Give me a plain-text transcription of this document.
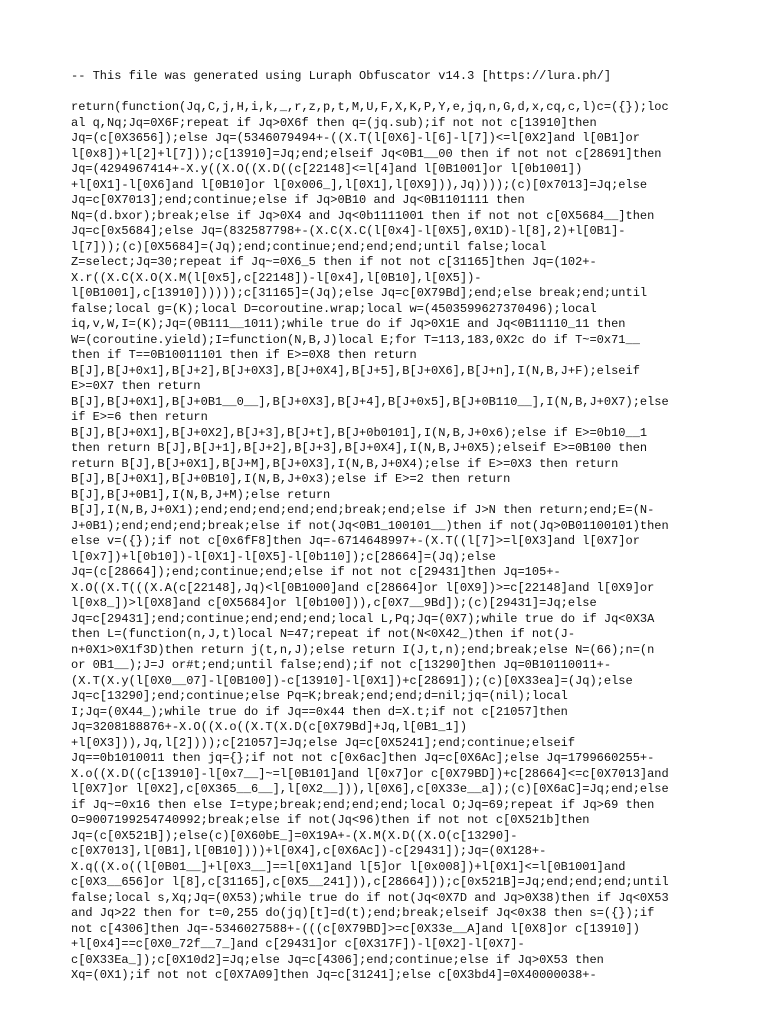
-- This file was generated using Luraph Obfuscator v14.3 [https://lura.ph/]
return(function(Jq,C,j,H,i,k,_,r,z,p,t,M,U,F,X,K,P,Y,e,jq,n,G,d,x,cq,c,l)c=({});loc
al q,Nq;Jq=0X6F;repeat if Jq>0X6f then q=(jq.sub);if not not c[13910]then
Jq=(c[0X3656]);else Jq=(5346079494+-((X.T(l[0X6]-l[6]-l[7])<=l[0X2]and l[0B1]or
l[0x8])+l[2]+l[7]));c[13910]=Jq;end;elseif Jq<0B1__00 then if not not c[28691]then
Jq=(4294967414+-X.y((X.O((X.D((c[22148]<=l[4]and l[0B1001]or l[0b1001])
+l[0X1]-l[0X6]and l[0B10]or l[0x006_],l[0X1],l[0X9])),Jq))));(c)[0x7013]=Jq;else
Jq=c[0X7013];end;continue;else if Jq>0B10 and Jq<0B1101111 then
Nq=(d.bxor);break;else if Jq>0X4 and Jq<0b1111001 then if not not c[0X5684__]then
Jq=c[0x5684];else Jq=(832587798+-(X.C(X.C(l[0x4]-l[0X5],0X1D)-l[8],2)+l[0B1]-
l[7]));(c)[0X5684]=(Jq);end;continue;end;end;end;until false;local
Z=select;Jq=30;repeat if Jq~=0X6_5 then if not not c[31165]then Jq=(102+-
X.r((X.C(X.O(X.M(l[0x5],c[22148])-l[0x4],l[0B10],l[0X5])-
l[0B1001],c[13910])))));c[31165]=(Jq);else Jq=c[0X79Bd];end;else break;end;until
false;local g=(K);local D=coroutine.wrap;local w=(4503599627370496);local
iq,v,W,I=(K);Jq=(0B111__1011);while true do if Jq>0X1E and Jq<0B11110_11 then
W=(coroutine.yield);I=function(N,B,J)local E;for T=113,183,0X2c do if T~=0x71__
then if T==0B10011101 then if E>=0X8 then return
B[J],B[J+0x1],B[J+2],B[J+0X3],B[J+0X4],B[J+5],B[J+0X6],B[J+n],I(N,B,J+F);elseif
E>=0X7 then return
B[J],B[J+0X1],B[J+0B1__0__],B[J+0X3],B[J+4],B[J+0x5],B[J+0B110__],I(N,B,J+0X7);else
if E>=6 then return
B[J],B[J+0X1],B[J+0X2],B[J+3],B[J+t],B[J+0b0101],I(N,B,J+0x6);else if E>=0b10__1
then return B[J],B[J+1],B[J+2],B[J+3],B[J+0X4],I(N,B,J+0X5);elseif E>=0B100 then
return B[J],B[J+0X1],B[J+M],B[J+0X3],I(N,B,J+0X4);else if E>=0X3 then return
B[J],B[J+0X1],B[J+0B10],I(N,B,J+0x3);else if E>=2 then return
B[J],B[J+0B1],I(N,B,J+M);else return
B[J],I(N,B,J+0X1);end;end;end;end;end;break;end;else if J>N then return;end;E=(N-
J+0B1);end;end;end;break;else if not(Jq<0B1_100101__)then if not(Jq>0B01100101)then
else v=({});if not c[0x6fF8]then Jq=-6714648997+-(X.T((l[7]>=l[0X3]and l[0X7]or
l[0x7])+l[0b10])-l[0X1]-l[0X5]-l[0b110]);c[28664]=(Jq);else
Jq=(c[28664]);end;continue;end;else if not not c[29431]then Jq=105+-
X.O((X.T(((X.A(c[22148],Jq)<l[0B1000]and c[28664]or l[0X9])>=c[22148]and l[0X9]or
l[0x8_])>l[0X8]and c[0X5684]or l[0b100])),c[0X7__9Bd]);(c)[29431]=Jq;else
Jq=c[29431];end;continue;end;end;end;local L,Pq;Jq=(0X7);while true do if Jq<0X3A
then L=(function(n,J,t)local N=47;repeat if not(N<0X42_)then if not(J-
n+0X1>0X1f3D)then return j(t,n,J);else return I(J,t,n);end;break;else N=(66);n=(n
or 0B1__);J=J or#t;end;until false;end);if not c[13290]then Jq=0B10110011+-
(X.T(X.y(l[0X0__07]-l[0B100])-c[13910]-l[0X1])+c[28691]);(c)[0X33ea]=(Jq);else
Jq=c[13290];end;continue;else Pq=K;break;end;end;d=nil;jq=(nil);local
I;Jq=(0X44_);while true do if Jq==0x44 then d=X.t;if not c[21057]then
Jq=3208188876+-X.O((X.o((X.T(X.D(c[0X79Bd]+Jq,l[0B1_1])
+l[0X3])),Jq,l[2])));c[21057]=Jq;else Jq=c[0X5241];end;continue;elseif
Jq==0b1010011 then jq={};if not not c[0x6ac]then Jq=c[0X6Ac];else Jq=1799660255+-
X.o((X.D((c[13910]-l[0x7__]~=l[0B101]and l[0x7]or c[0X79BD])+c[28664]<=c[0X7013]and
l[0X7]or l[0X2],c[0X365__6__],l[0X2__])),l[0X6],c[0X33e__a]);(c)[0X6aC]=Jq;end;else
if Jq~=0x16 then else I=type;break;end;end;end;local O;Jq=69;repeat if Jq>69 then
O=9007199254740992;break;else if not(Jq<96)then if not not c[0X521b]then
Jq=(c[0X521B]);else(c)[0X60bE_]=0X19A+-(X.M(X.D((X.O(c[13290]-
c[0X7013],l[0B1],l[0B10])))+l[0X4],c[0X6Ac])-c[29431]);Jq=(0X128+-
X.q((X.o((l[0B01__]+l[0X3__]==l[0X1]and l[5]or l[0x008])+l[0X1]<=l[0B1001]and
c[0X3__656]or l[8],c[31165],c[0X5__241])),c[28664]));c[0x521B]=Jq;end;end;end;until
false;local s,Xq;Jq=(0X53);while true do if not(Jq<0X7D and Jq>0X38)then if Jq<0X53
and Jq>22 then for t=0,255 do(jq)[t]=d(t);end;break;elseif Jq<0x38 then s=({});if
not c[4306]then Jq=-5346027588+-(((c[0X79BD]>=c[0X33e__A]and l[0X8]or c[13910])
+l[0x4]==c[0X0_72f__7_]and c[29431]or c[0X317F])-l[0X2]-l[0X7]-
c[0X33Ea_]);c[0X10d2]=Jq;else Jq=c[4306];end;continue;else if Jq>0X53 then
Xq=(0X1);if not not c[0X7A09]then Jq=c[31241];else c[0X3bd4]=0X40000038+-
